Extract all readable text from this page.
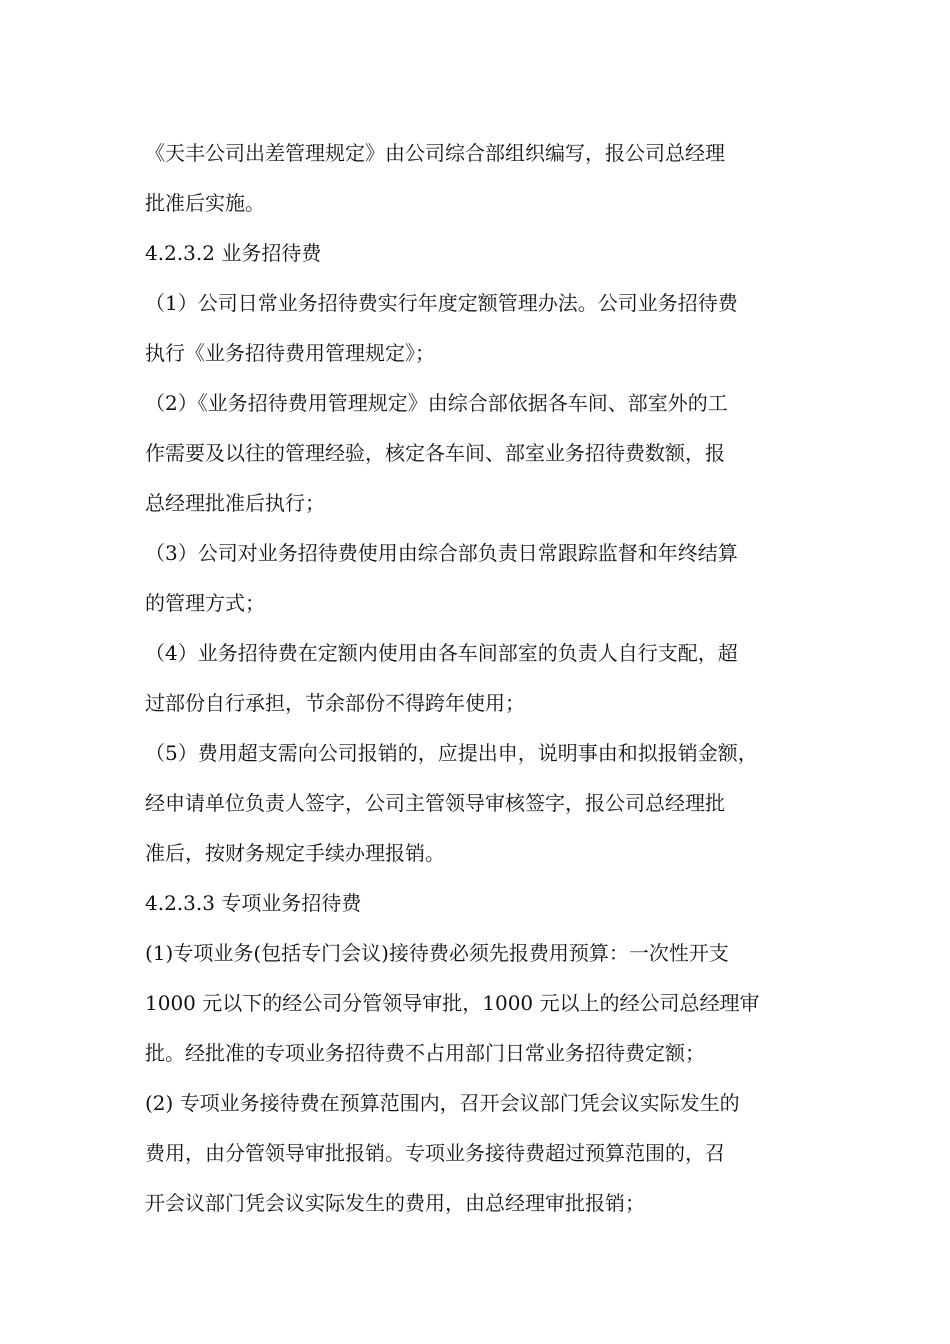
《天丰公司出差管理规定》由公司综合部组织编写，报公司总经理
批准后实施。
4.2.3.2 业务招待费
（1）公司日常业务招待费实行年度定额管理办法。公司业务招待费
执行《业务招待费用管理规定》；
（2）《业务招待费用管理规定》由综合部依据各车间、部室外的工
作需要及以往的管理经验，核定各车间、部室业务招待费数额，报
总经理批准后执行；
（3）公司对业务招待费使用由综合部负责日常跟踪监督和年终结算
的管理方式；
（4）业务招待费在定额内使用由各车间部室的负责人自行支配，超
过部份自行承担，节余部份不得跨年使用；
（5）费用超支需向公司报销的，应提出申，说明事由和拟报销金额，
经申请单位负责人签字，公司主管领导审核签字，报公司总经理批
准后，按财务规定手续办理报销。
4.2.3.3 专项业务招待费
(1)专项业务(包括专门会议)接待费必须先报费用预算：一次性开支
1000 元以下的经公司分管领导审批，1000 元以上的经公司总经理审
批。经批准的专项业务招待费不占用部门日常业务招待费定额；
(2) 专项业务接待费在预算范围内，召开会议部门凭会议实际发生的
费用，由分管领导审批报销。专项业务接待费超过预算范围的，召
开会议部门凭会议实际发生的费用，由总经理审批报销；
